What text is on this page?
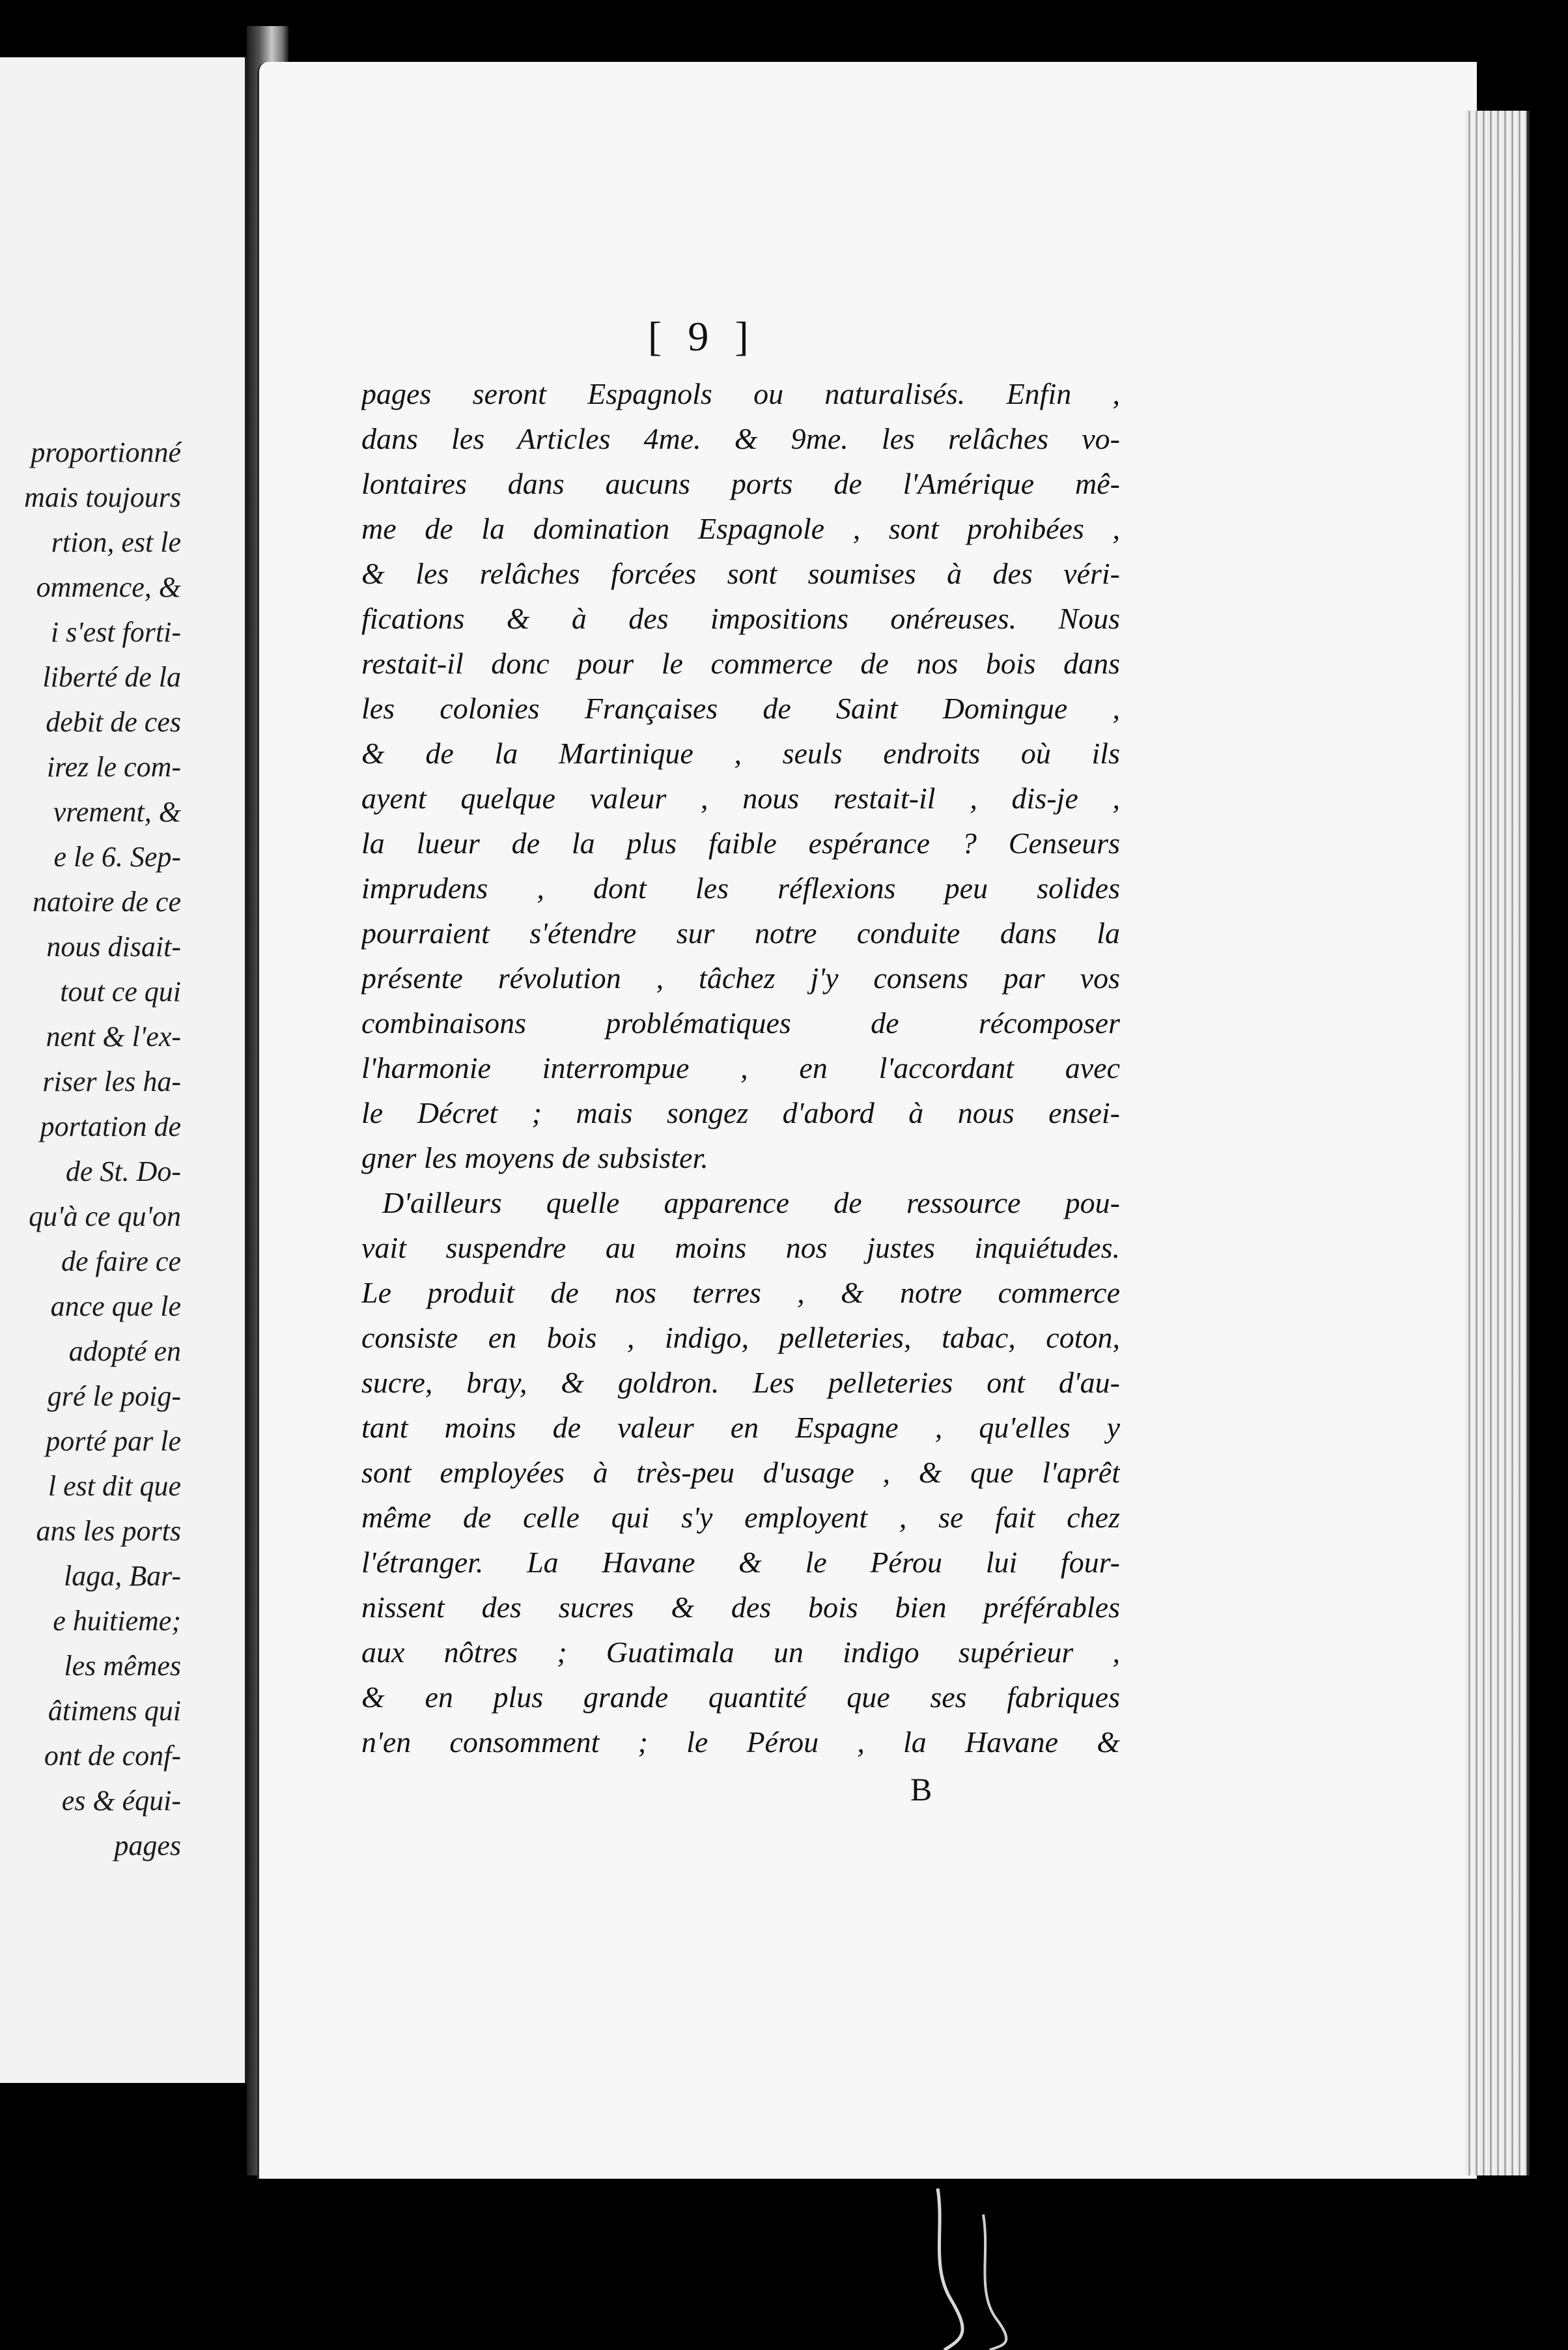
proportionné
mais toujours
rtion, est le
ommence, &
i s'est forti-
liberté de la
debit de ces
irez le com-
vrement, &
e le 6. Sep-
natoire de ce
nous disait-
tout ce qui
nent & l'ex-
riser les ha-
portation de
de St. Do-
qu'à ce qu'on
de faire ce
ance que le
adopté en
gré le poig-
porté par le
l est dit que
ans les ports
laga, Bar-
e huitieme;
les mêmes
âtimens qui
ont de conf-
es & équi-
pages
[ 9 ]
pages seront Espagnols ou naturalisés. Enfin ,
dans les Articles 4me. & 9me. les relâches vo-
lontaires dans aucuns ports de l'Amérique mê-
me de la domination Espagnole , sont prohibées ,
& les relâches forcées sont soumises à des véri-
fications & à des impositions onéreuses. Nous
restait-il donc pour le commerce de nos bois dans
les colonies Françaises de Saint Domingue ,
& de la Martinique , seuls endroits où ils
ayent quelque valeur , nous restait-il , dis-je ,
la lueur de la plus faible espérance ? Censeurs
imprudens , dont les réflexions peu solides
pourraient s'étendre sur notre conduite dans la
présente révolution , tâchez j'y consens par vos
combinaisons problématiques de récomposer
l'harmonie interrompue , en l'accordant avec
le Décret ; mais songez d'abord à nous ensei-
gner les moyens de subsister.
D'ailleurs quelle apparence de ressource pou-
vait suspendre au moins nos justes inquiétudes.
Le produit de nos terres , & notre commerce
consiste en bois , indigo, pelleteries, tabac, coton,
sucre, bray, & goldron. Les pelleteries ont d'au-
tant moins de valeur en Espagne , qu'elles y
sont employées à très-peu d'usage , & que l'aprêt
même de celle qui s'y employent , se fait chez
l'étranger. La Havane & le Pérou lui four-
nissent des sucres & des bois bien préférables
aux nôtres ; Guatimala un indigo supérieur ,
& en plus grande quantité que ses fabriques
n'en consomment ; le Pérou , la Havane &

B
